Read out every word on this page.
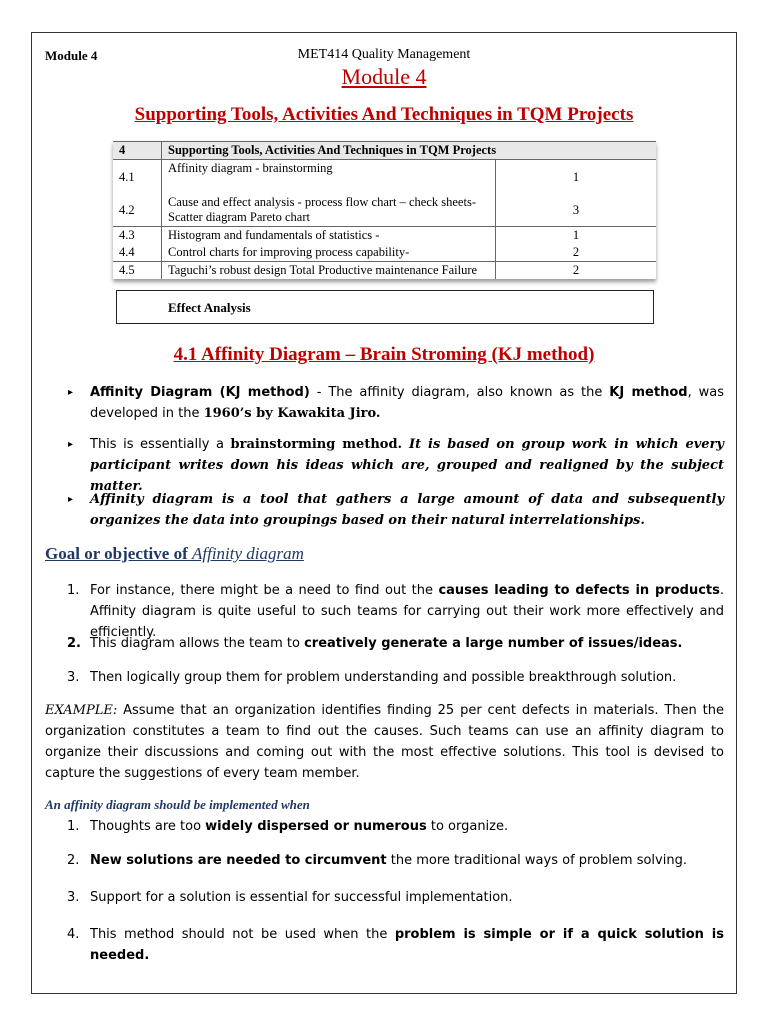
Module 4	MET414 Quality Management
Module 4
Supporting Tools, Activities And Techniques in TQM Projects
4	Supporting Tools, Activities And Techniques in TQM Projects	
4.1	Affinity diagram - brainstorming	1
4.2	Cause and effect analysis - process flow chart – check sheets-
Scatter diagram Pareto chart	3
4.3	Histogram and fundamentals of statistics -	1
4.4	Control charts for improving process capability-	2
4.5	Taguchi’s robust design Total Productive maintenance Failure	2
Effect Analysis
4.1 Affinity Diagram – Brain Stroming (KJ method)
▸ Affinity Diagram (KJ method) - The affinity diagram, also known as the KJ method, was developed in the 1960’s by Kawakita Jiro.
▸ This is essentially a brainstorming method. It is based on group work in which every participant writes down his ideas which are, grouped and realigned by the subject matter.
▸ Affinity diagram is a tool that gathers a large amount of data and subsequently organizes the data into groupings based on their natural interrelationships.
Goal or objective of Affinity diagram
1. For instance, there might be a need to find out the causes leading to defects in products. Affinity diagram is quite useful to such teams for carrying out their work more effectively and efficiently.
2. This diagram allows the team to creatively generate a large number of issues/ideas.
3. Then logically group them for problem understanding and possible breakthrough solution.
EXAMPLE: Assume that an organization identifies finding 25 per cent defects in materials. Then the organization constitutes a team to find out the causes. Such teams can use an affinity diagram to organize their discussions and coming out with the most effective solutions. This tool is devised to capture the suggestions of every team member.
An affinity diagram should be implemented when
1. Thoughts are too widely dispersed or numerous to organize.
2. New solutions are needed to circumvent the more traditional ways of problem solving.
3. Support for a solution is essential for successful implementation.
4. This method should not be used when the problem is simple or if a quick solution is needed.
